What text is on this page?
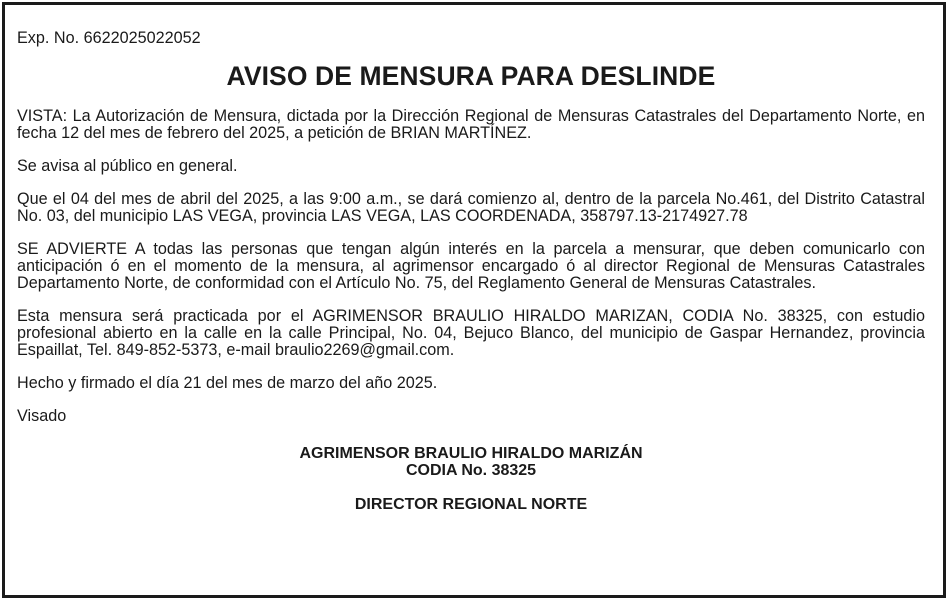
Exp. No. 6622025022052

AVISO DE MENSURA PARA DESLINDE

VISTA: La Autorización de Mensura, dictada por la Dirección Regional de Mensuras Catastrales del Departamento Norte, en fecha 12 del mes de febrero del 2025, a petición de BRIAN MARTÍNEZ.

Se avisa al público en general.

Que el 04 del mes de abril del 2025, a las 9:00 a.m., se dará comienzo al, dentro de la parcela No.461, del Distrito Catastral No. 03, del municipio LAS VEGA, provincia LAS VEGA, LAS COORDENADA, 358797.13-2174927.78

SE ADVIERTE A todas las personas que tengan algún interés en la parcela a mensurar, que deben comunicarlo con anticipación ó en el momento de la mensura, al agrimensor encargado ó al director Regional de Mensuras Catastrales Departamento Norte, de conformidad con el Artículo No. 75, del Reglamento General de Mensuras Catastrales.

Esta mensura será practicada por el AGRIMENSOR BRAULIO HIRALDO MARIZAN, CODIA No. 38325, con estudio profesional abierto en la calle en la calle Principal, No. 04, Bejuco Blanco, del municipio de Gaspar Hernandez, provincia Espaillat, Tel. 849-852-5373, e-mail braulio2269@gmail.com.

Hecho y firmado el día 21 del mes de marzo del año 2025.

Visado

AGRIMENSOR BRAULIO HIRALDO MARIZÁN
CODIA No. 38325
DIRECTOR REGIONAL NORTE
